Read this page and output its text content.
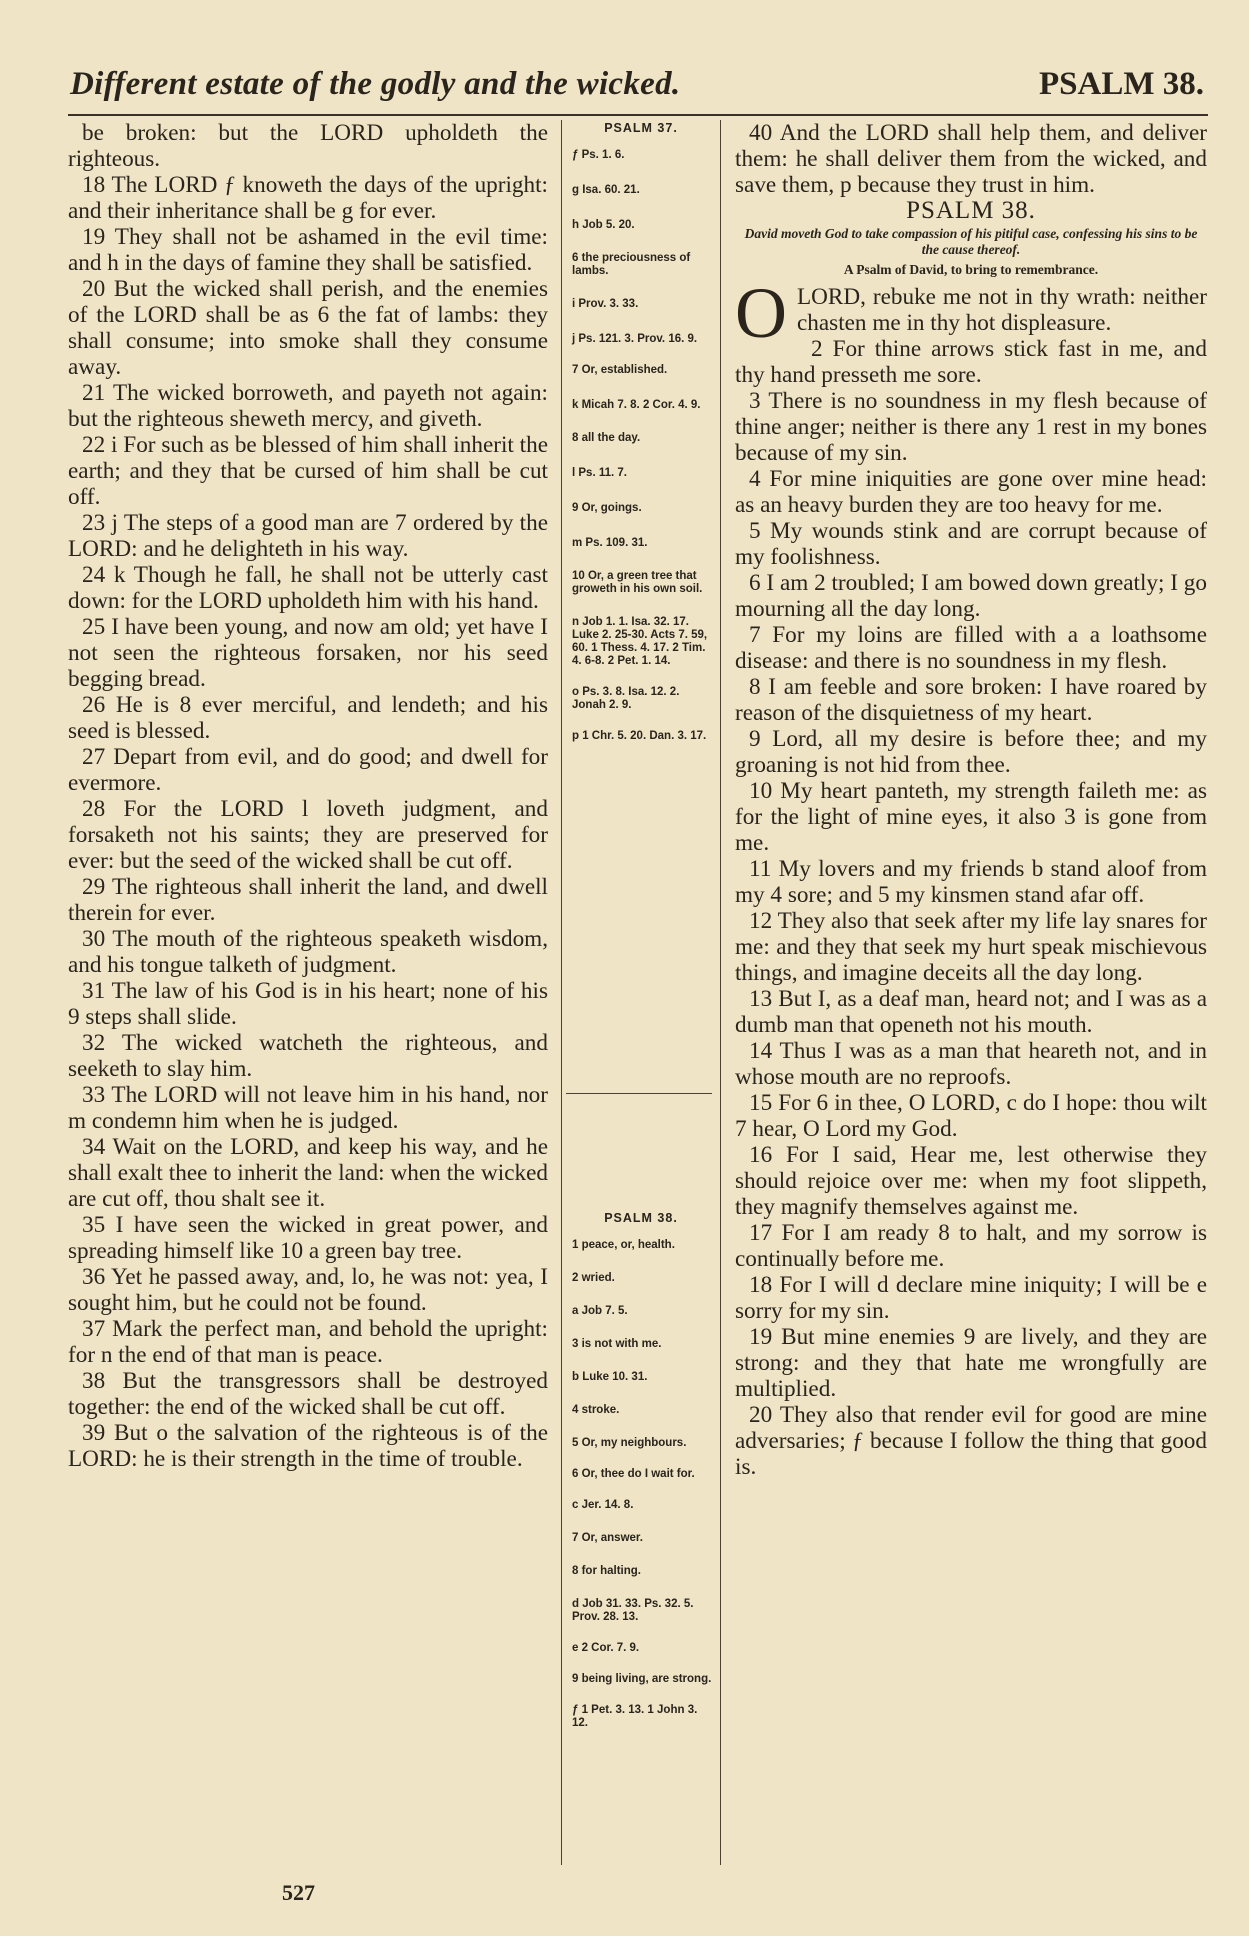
Different estate of the godly and the wicked.	PSALM 38.

be broken: but the LORD upholdeth the righteous.

18 The LORD ƒ knoweth the days of the upright: and their inheritance shall be g for ever.

19 They shall not be ashamed in the evil time: and h in the days of famine they shall be satisfied.

20 But the wicked shall perish, and the enemies of the LORD shall be as 6 the fat of lambs: they shall consume; into smoke shall they consume away.

21 The wicked borroweth, and payeth not again: but the righteous sheweth mercy, and giveth.

22 i For such as be blessed of him shall inherit the earth; and they that be cursed of him shall be cut off.

23 j The steps of a good man are 7 ordered by the LORD: and he delighteth in his way.

24 k Though he fall, he shall not be utterly cast down: for the LORD upholdeth him with his hand.

25 I have been young, and now am old; yet have I not seen the righteous forsaken, nor his seed begging bread.

26 He is 8 ever merciful, and lendeth; and his seed is blessed.

27 Depart from evil, and do good; and dwell for evermore.

28 For the LORD l loveth judgment, and forsaketh not his saints; they are preserved for ever: but the seed of the wicked shall be cut off.

29 The righteous shall inherit the land, and dwell therein for ever.

30 The mouth of the righteous speaketh wisdom, and his tongue talketh of judgment.

31 The law of his God is in his heart; none of his 9 steps shall slide.

32 The wicked watcheth the righteous, and seeketh to slay him.

33 The LORD will not leave him in his hand, nor m condemn him when he is judged.

34 Wait on the LORD, and keep his way, and he shall exalt thee to inherit the land: when the wicked are cut off, thou shalt see it.

35 I have seen the wicked in great power, and spreading himself like 10 a green bay tree.

36 Yet he passed away, and, lo, he was not: yea, I sought him, but he could not be found.

37 Mark the perfect man, and behold the upright: for n the end of that man is peace.

38 But the transgressors shall be destroyed together: the end of the wicked shall be cut off.

39 But o the salvation of the righteous is of the LORD: he is their strength in the time of trouble.

PSALM 37.
ƒ Ps. 1. 6.
g Isa. 60. 21.
h Job 5. 20.
6 the preciousness of lambs.
i Prov. 3. 33.
j Ps. 121. 3. Prov. 16. 9.
7 Or, established.
k Micah 7. 8. 2 Cor. 4. 9.
8 all the day.
l Ps. 11. 7.
9 Or, goings.
m Ps. 109. 31.
10 Or, a green tree that groweth in his own soil.
n Job 1. 1. Isa. 32. 17. Luke 2. 25-30. Acts 7. 59, 60. 1 Thess. 4. 17. 2 Tim. 4. 6-8. 2 Pet. 1. 14.
o Ps. 3. 8. Isa. 12. 2. Jonah 2. 9.
p 1 Chr. 5. 20. Dan. 3. 17.
PSALM 38.
1 peace, or, health.
2 wried.
a Job 7. 5.
3 is not with me.
b Luke 10. 31.
4 stroke.
5 Or, my neighbours.
6 Or, thee do I wait for.
c Jer. 14. 8.
7 Or, answer.
8 for halting.
d Job 31. 33. Ps. 32. 5. Prov. 28. 13.
e 2 Cor. 7. 9.
9 being living, are strong.
ƒ 1 Pet. 3. 13. 1 John 3. 12.

40 And the LORD shall help them, and deliver them: he shall deliver them from the wicked, and save them, p because they trust in him.

PSALM 38.

David moveth God to take compassion of his pitiful case, confessing his sins to be the cause thereof.

A Psalm of David, to bring to remembrance.

O LORD, rebuke me not in thy wrath: neither chasten me in thy hot displeasure.

2 For thine arrows stick fast in me, and thy hand presseth me sore.

3 There is no soundness in my flesh because of thine anger; neither is there any 1 rest in my bones because of my sin.

4 For mine iniquities are gone over mine head: as an heavy burden they are too heavy for me.

5 My wounds stink and are corrupt because of my foolishness.

6 I am 2 troubled; I am bowed down greatly; I go mourning all the day long.

7 For my loins are filled with a a loathsome disease: and there is no soundness in my flesh.

8 I am feeble and sore broken: I have roared by reason of the disquietness of my heart.

9 Lord, all my desire is before thee; and my groaning is not hid from thee.

10 My heart panteth, my strength faileth me: as for the light of mine eyes, it also 3 is gone from me.

11 My lovers and my friends b stand aloof from my 4 sore; and 5 my kinsmen stand afar off.

12 They also that seek after my life lay snares for me: and they that seek my hurt speak mischievous things, and imagine deceits all the day long.

13 But I, as a deaf man, heard not; and I was as a dumb man that openeth not his mouth.

14 Thus I was as a man that heareth not, and in whose mouth are no reproofs.

15 For 6 in thee, O LORD, c do I hope: thou wilt 7 hear, O Lord my God.

16 For I said, Hear me, lest otherwise they should rejoice over me: when my foot slippeth, they magnify themselves against me.

17 For I am ready 8 to halt, and my sorrow is continually before me.

18 For I will d declare mine iniquity; I will be e sorry for my sin.

19 But mine enemies 9 are lively, and they are strong: and they that hate me wrongfully are multiplied.

20 They also that render evil for good are mine adversaries; ƒ because I follow the thing that good is.

527
